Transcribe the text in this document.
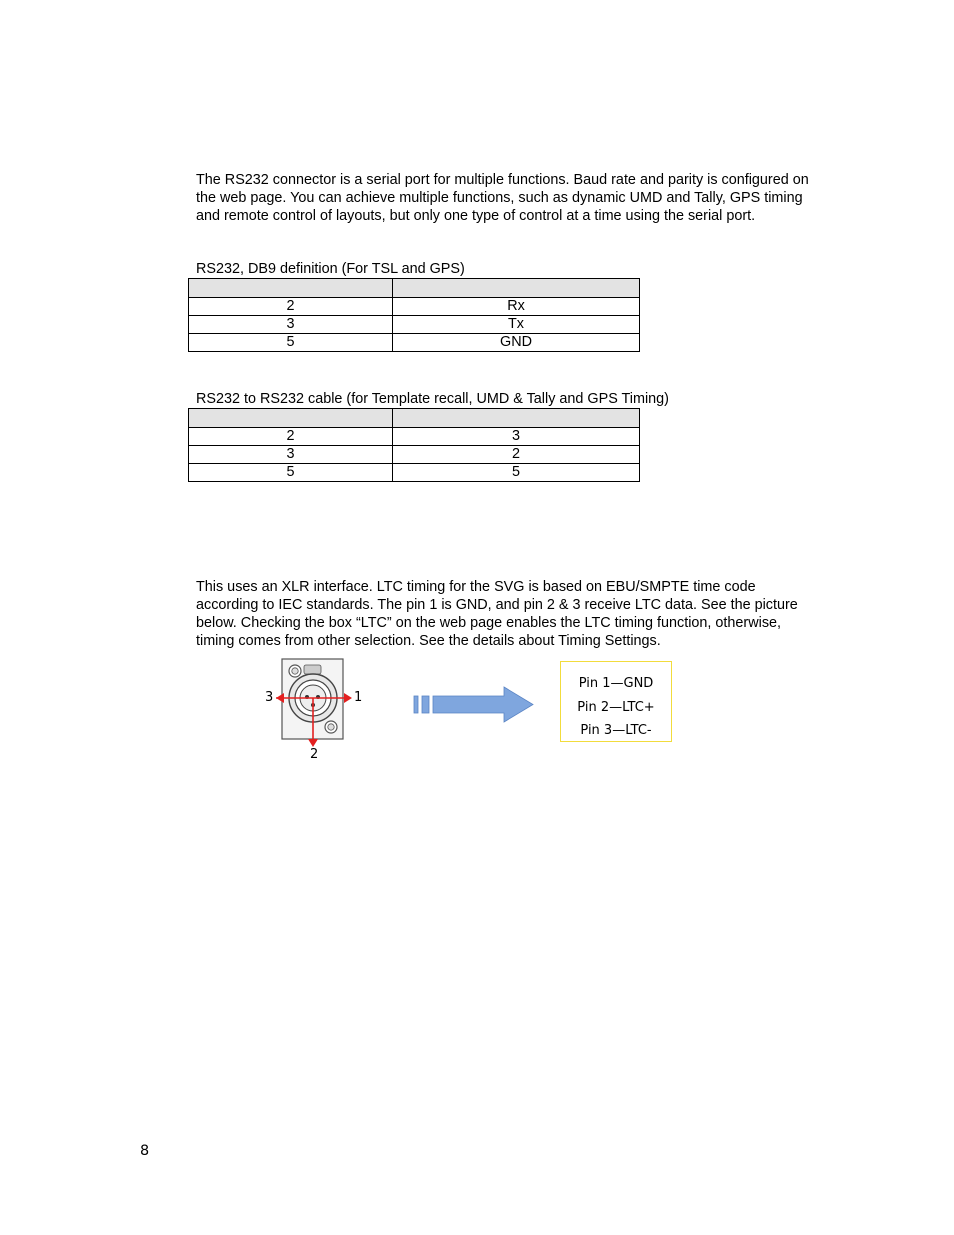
The RS232 connector is a serial port for multiple functions. Baud rate and parity is configured on the web page. You can achieve multiple functions, such as dynamic UMD and Tally, GPS timing and remote control of layouts, but only one type of control at a time using the serial port.

RS232, DB9 definition (For TSL and GPS)

2	Rx
3	Tx
5	GND

RS232 to RS232 cable (for Template recall, UMD & Tally and GPS Timing)

2	3
3	2
5	5

This uses an XLR interface. LTC timing for the SVG is based on EBU/SMPTE time code according to IEC standards. The pin 1 is GND, and pin 2 & 3 receive LTC data. See the picture below. Checking the box “LTC” on the web page enables the LTC timing function, otherwise, timing comes from other selection. See the details about Timing Settings.

3	1
2
Pin 1—GND
Pin 2—LTC+
Pin 3—LTC-
8
